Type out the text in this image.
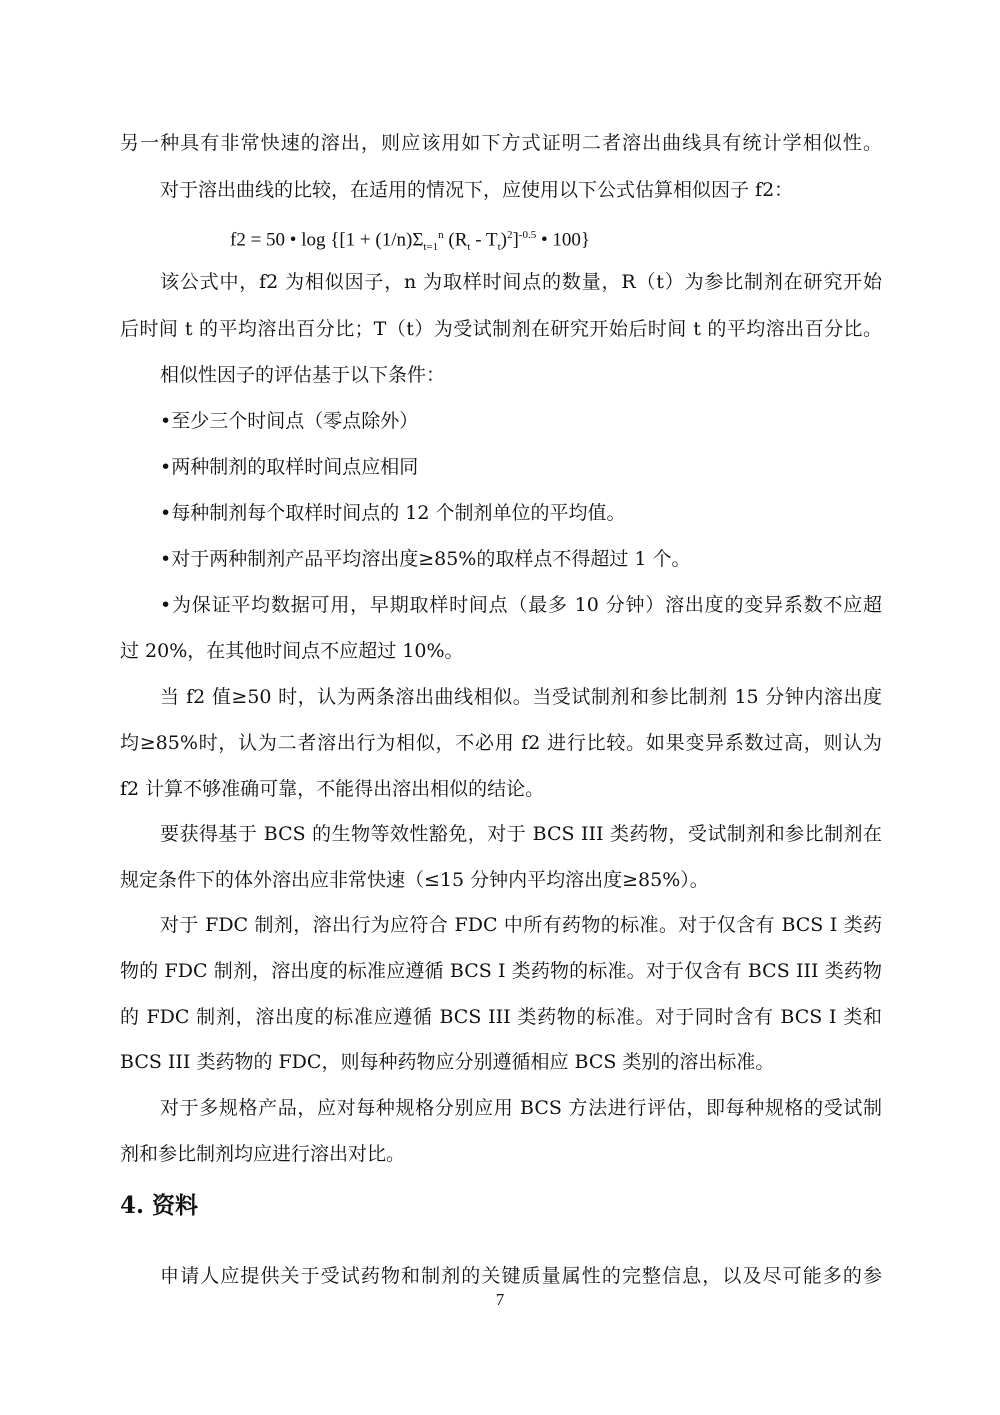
另一种具有非常快速的溶出，则应该用如下方式证明二者溶出曲线具有统计学相似性。
对于溶出曲线的比较，在适用的情况下，应使用以下公式估算相似因子 f2：
f2 = 50 • $\log \{[1 + (1/n)\Sigma_{t=1}^n$ $(R_t - T_t)^2]^{-0.5}$ • 100}
该公式中，f2 为相似因子，n 为取样时间点的数量，R（t）为参比制剂在研究开始
后时间 t 的平均溶出百分比；T（t）为受试制剂在研究开始后时间 t 的平均溶出百分比。
相似性因子的评估基于以下条件：
•至少三个时间点（零点除外）
•两种制剂的取样时间点应相同
•每种制剂每个取样时间点的 12 个制剂单位的平均值。
•对于两种制剂产品平均溶出度≥85%的取样点不得超过 1 个。
•为保证平均数据可用，早期取样时间点（最多 10 分钟）溶出度的变异系数不应超
过 20%，在其他时间点不应超过 10%。
当 f2 值≥50 时，认为两条溶出曲线相似。当受试制剂和参比制剂 15 分钟内溶出度
均≥85%时，认为二者溶出行为相似，不必用 f2 进行比较。如果变异系数过高，则认为
f2 计算不够准确可靠，不能得出溶出相似的结论。
要获得基于 BCS 的生物等效性豁免，对于 BCS III 类药物，受试制剂和参比制剂在
规定条件下的体外溶出应非常快速（≤15 分钟内平均溶出度≥85%）。
对于 FDC 制剂，溶出行为应符合 FDC 中所有药物的标准。对于仅含有 BCS I 类药
物的 FDC 制剂，溶出度的标准应遵循 BCS I 类药物的标准。对于仅含有 BCS III 类药物
的 FDC 制剂，溶出度的标准应遵循 BCS III 类药物的标准。对于同时含有 BCS I 类和
BCS III 类药物的 FDC，则每种药物应分别遵循相应 BCS 类别的溶出标准。
对于多规格产品，应对每种规格分别应用 BCS 方法进行评估，即每种规格的受试制
剂和参比制剂均应进行溶出对比。
4. 资料
申请人应提供关于受试药物和制剂的关键质量属性的完整信息，以及尽可能多的参
7
